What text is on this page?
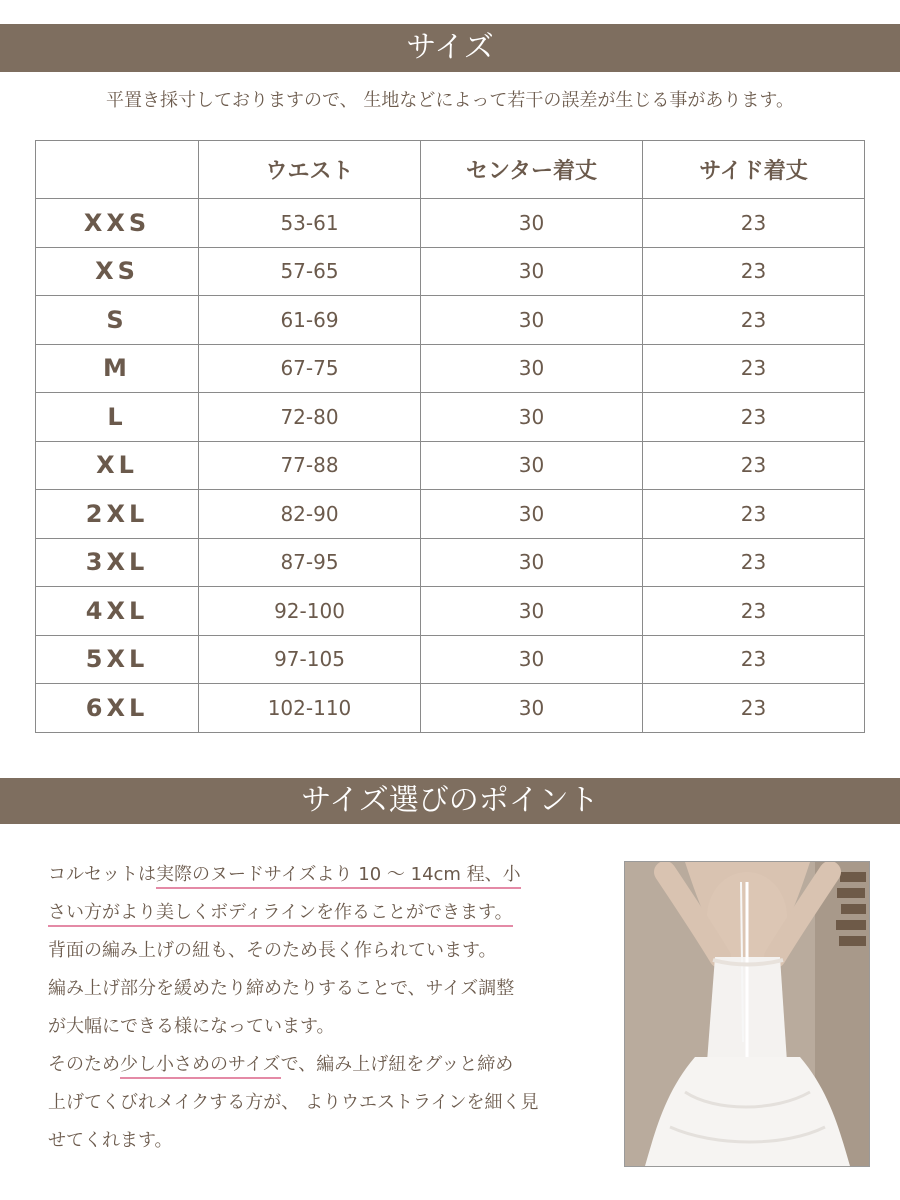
サイズ
平置き採寸しておりますので、 生地などによって若干の誤差が生じる事があります。
	ウエスト	センター着丈	サイド着丈
XXS	53-61	30	23
XS	57-65	30	23
S	61-69	30	23
M	67-75	30	23
L	72-80	30	23
XL	77-88	30	23
2XL	82-90	30	23
3XL	87-95	30	23
4XL	92-100	30	23
5XL	97-105	30	23
6XL	102-110	30	23
サイズ選びのポイント

コルセットは実際のヌードサイズより 10 ～ 14cm 程、小

さい方がより美しくボディラインを作ることができます。

背面の編み上げの紐も、そのため長く作られています。

編み上げ部分を緩めたり締めたりすることで、サイズ調整

が大幅にできる様になっています。

そのため少し小さめのサイズで、編み上げ紐をグッと締め

上げてくびれメイクする方が、 よりウエストラインを細く見

せてくれます。
